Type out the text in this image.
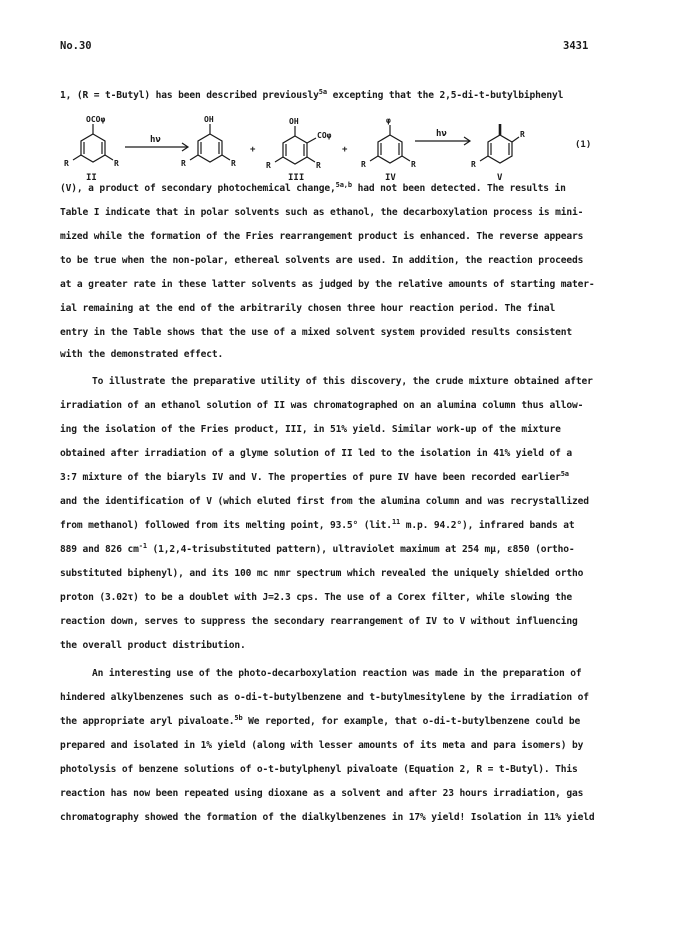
No.30	3431
1, (R = t-Butyl) has been described previously$^{5a}$ excepting that the 2,5-di-t-butylbiphenyl
OCOφ
R	R
hν
OH
R	R
+
OH
COφ
R	R
+
φ
R	R
hν	R
R
(1)
II	III	IV	V
(V), a product of secondary photochemical change,$^{5a,b}$ had not been detected. The results in
Table I indicate that in polar solvents such as ethanol, the decarboxylation process is mini-
mized while the formation of the Fries rearrangement product is enhanced. The reverse appears
to be true when the non-polar, ethereal solvents are used. In addition, the reaction proceeds
at a greater rate in these latter solvents as judged by the relative amounts of starting mater-
ial remaining at the end of the arbitrarily chosen three hour reaction period. The final
entry in the Table shows that the use of a mixed solvent system provided results consistent
with the demonstrated effect.
To illustrate the preparative utility of this discovery, the crude mixture obtained after
irradiation of an ethanol solution of II was chromatographed on an alumina column thus allow-
ing the isolation of the Fries product, III, in 51% yield. Similar work-up of the mixture
obtained after irradiation of a glyme solution of II led to the isolation in 41% yield of a
3:7 mixture of the biaryls IV and V. The properties of pure IV have been recorded earlier$^{5a}$
and the identification of V (which eluted first from the alumina column and was recrystallized
from methanol) followed from its melting point, 93.5° (lit.$^{11}$ m.p. 94.2°), infrared bands at
889 and 826 $cm^{-1}$ (1,2,4-trisubstituted pattern), ultraviolet maximum at 254 mμ, ε850 (ortho-
substituted biphenyl), and its 100 mc nmr spectrum which revealed the uniquely shielded ortho
proton (3.02τ) to be a doublet with J=2.3 cps. The use of a Corex filter, while slowing the
reaction down, serves to suppress the secondary rearrangement of IV to V without influencing
the overall product distribution.
An interesting use of the photo-decarboxylation reaction was made in the preparation of
hindered alkylbenzenes such as o-di-t-butylbenzene and t-butylmesitylene by the irradiation of
the appropriate aryl pivaloate.$^{5b}$ We reported, for example, that o-di-t-butylbenzene could be
prepared and isolated in 1% yield (along with lesser amounts of its meta and para isomers) by
photolysis of benzene solutions of o-t-butylphenyl pivaloate (Equation 2, R = t-Butyl). This
reaction has now been repeated using dioxane as a solvent and after 23 hours irradiation, gas
chromatography showed the formation of the dialkylbenzenes in 17% yield! Isolation in 11% yield
